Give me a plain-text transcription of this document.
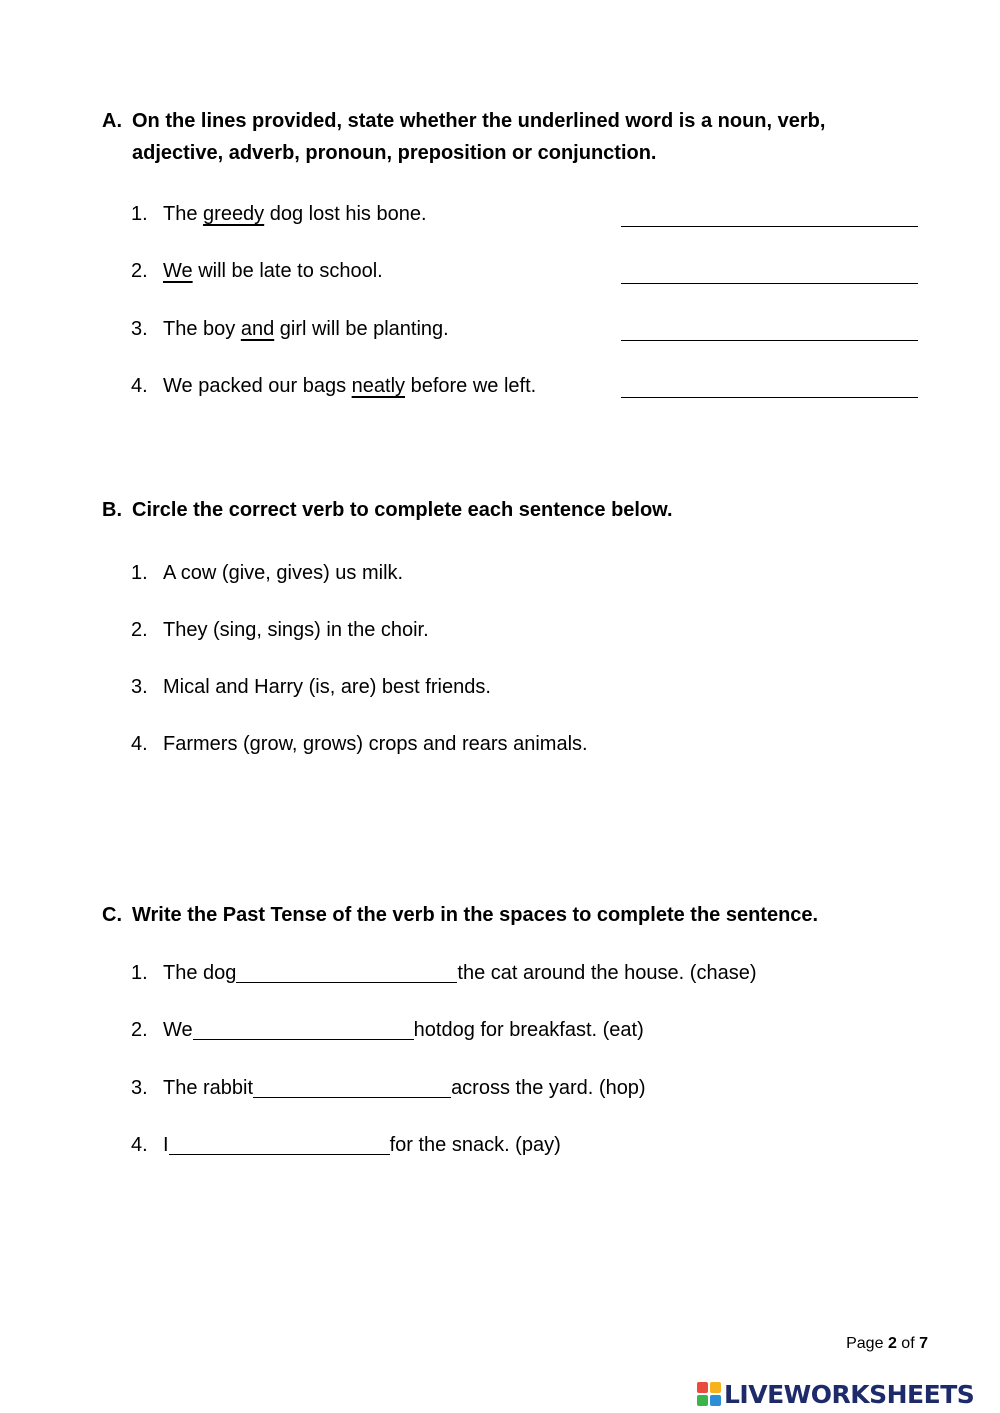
A. On the lines provided, state whether the underlined word is a noun, verb, adjective, adverb, pronoun, preposition or conjunction.
1. The greedy dog lost his bone.
2. We will be late to school.
3. The boy and girl will be planting.
4. We packed our bags neatly before we left.
B. Circle the correct verb to complete each sentence below.
1. A cow (give, gives) us milk.
2. They (sing, sings) in the choir.
3. Mical and Harry (is, are) best friends.
4. Farmers (grow, grows) crops and rears animals.
C. Write the Past Tense of the verb in the spaces to complete the sentence.
1. The dog	the cat around the house. (chase)
2. We	hotdog for breakfast. (eat)
3. The rabbit	across the yard. (hop)
4. I	for the snack. (pay)
Page 2 of 7
LIVEWORKSHEETS
